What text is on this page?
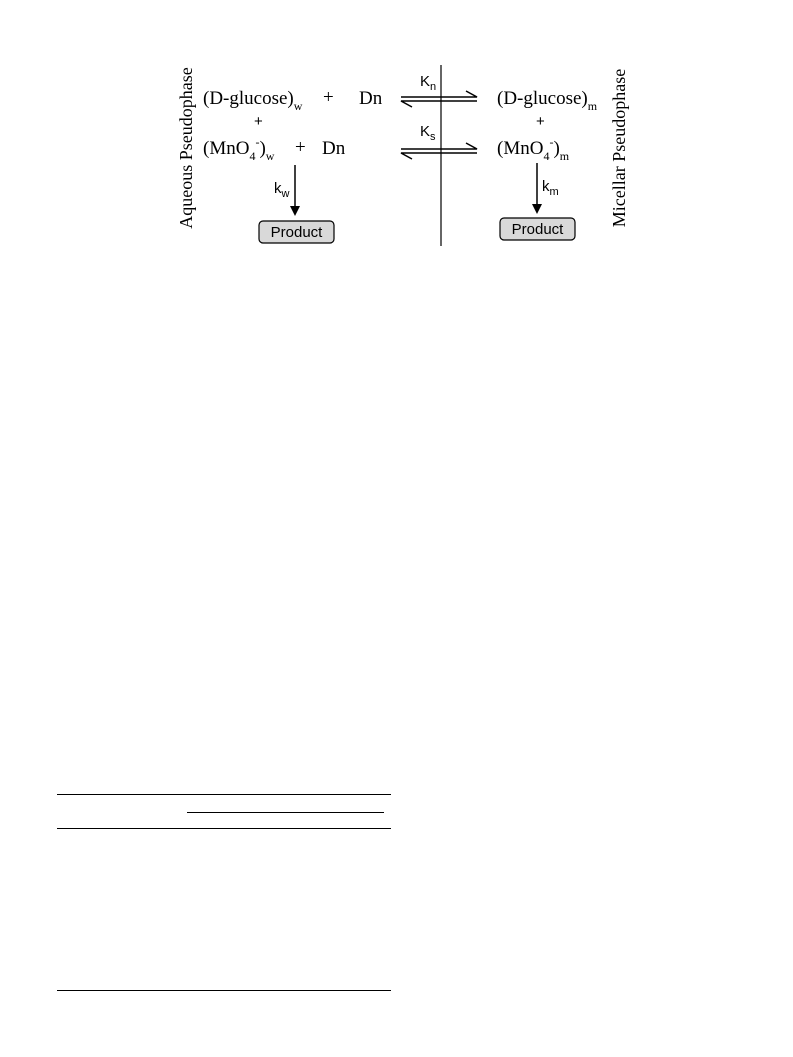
Aqueous Pseudophase	Micellar Pseudophase
$(D-glucose)_w + Dn$
+
$(MnO_4^-)_w + Dn$
$K_n$
$K_s$
$(D-glucose)_m$
+
$(MnO_4^-)_m$
$k_w$	$k_m$
Product	Product
